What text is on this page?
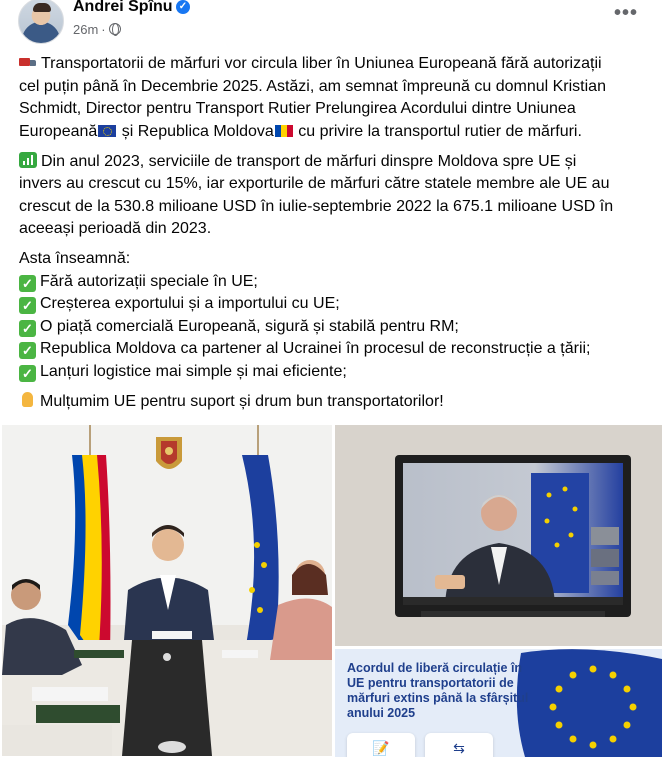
Andrei Spînu ✓
26m ·
•••

Transportatorii de mărfuri vor circula liber în Uniunea Europeană fără autorizații
cel puțin până în Decembrie 2025. Astăzi, am semnat împreună cu domnul Kristian
Schmidt, Director pentru Transport Rutier Prelungirea Acordului dintre Uniunea
Europeană și Republica Moldova cu privire la transportul rutier de mărfuri.

Din anul 2023, serviciile de transport de mărfuri dinspre Moldova spre UE și
invers au crescut cu 15%, iar exporturile de mărfuri către statele membre ale UE au
crescut de la 530.8 milioane USD în iulie-septembrie 2022 la 675.1 milioane USD în
aceeași perioadă din 2023.

Asta înseamnă:
✓ Fără autorizații speciale în UE;
✓ Creșterea exportului și a importului cu UE;
✓ O piață comercială Europeană, sigură și stabilă pentru RM;
✓ Republica Moldova ca partener al Ucrainei în procesul de reconstrucție a țării;
✓ Lanțuri logistice mai simple și mai eficiente;

Mulțumim UE pentru suport și drum bun transportatorilor!

Acordul de liberă circulație în UE pentru transportatorii de mărfuri extins până la sfârșitul anului 2025
📝	⇆
